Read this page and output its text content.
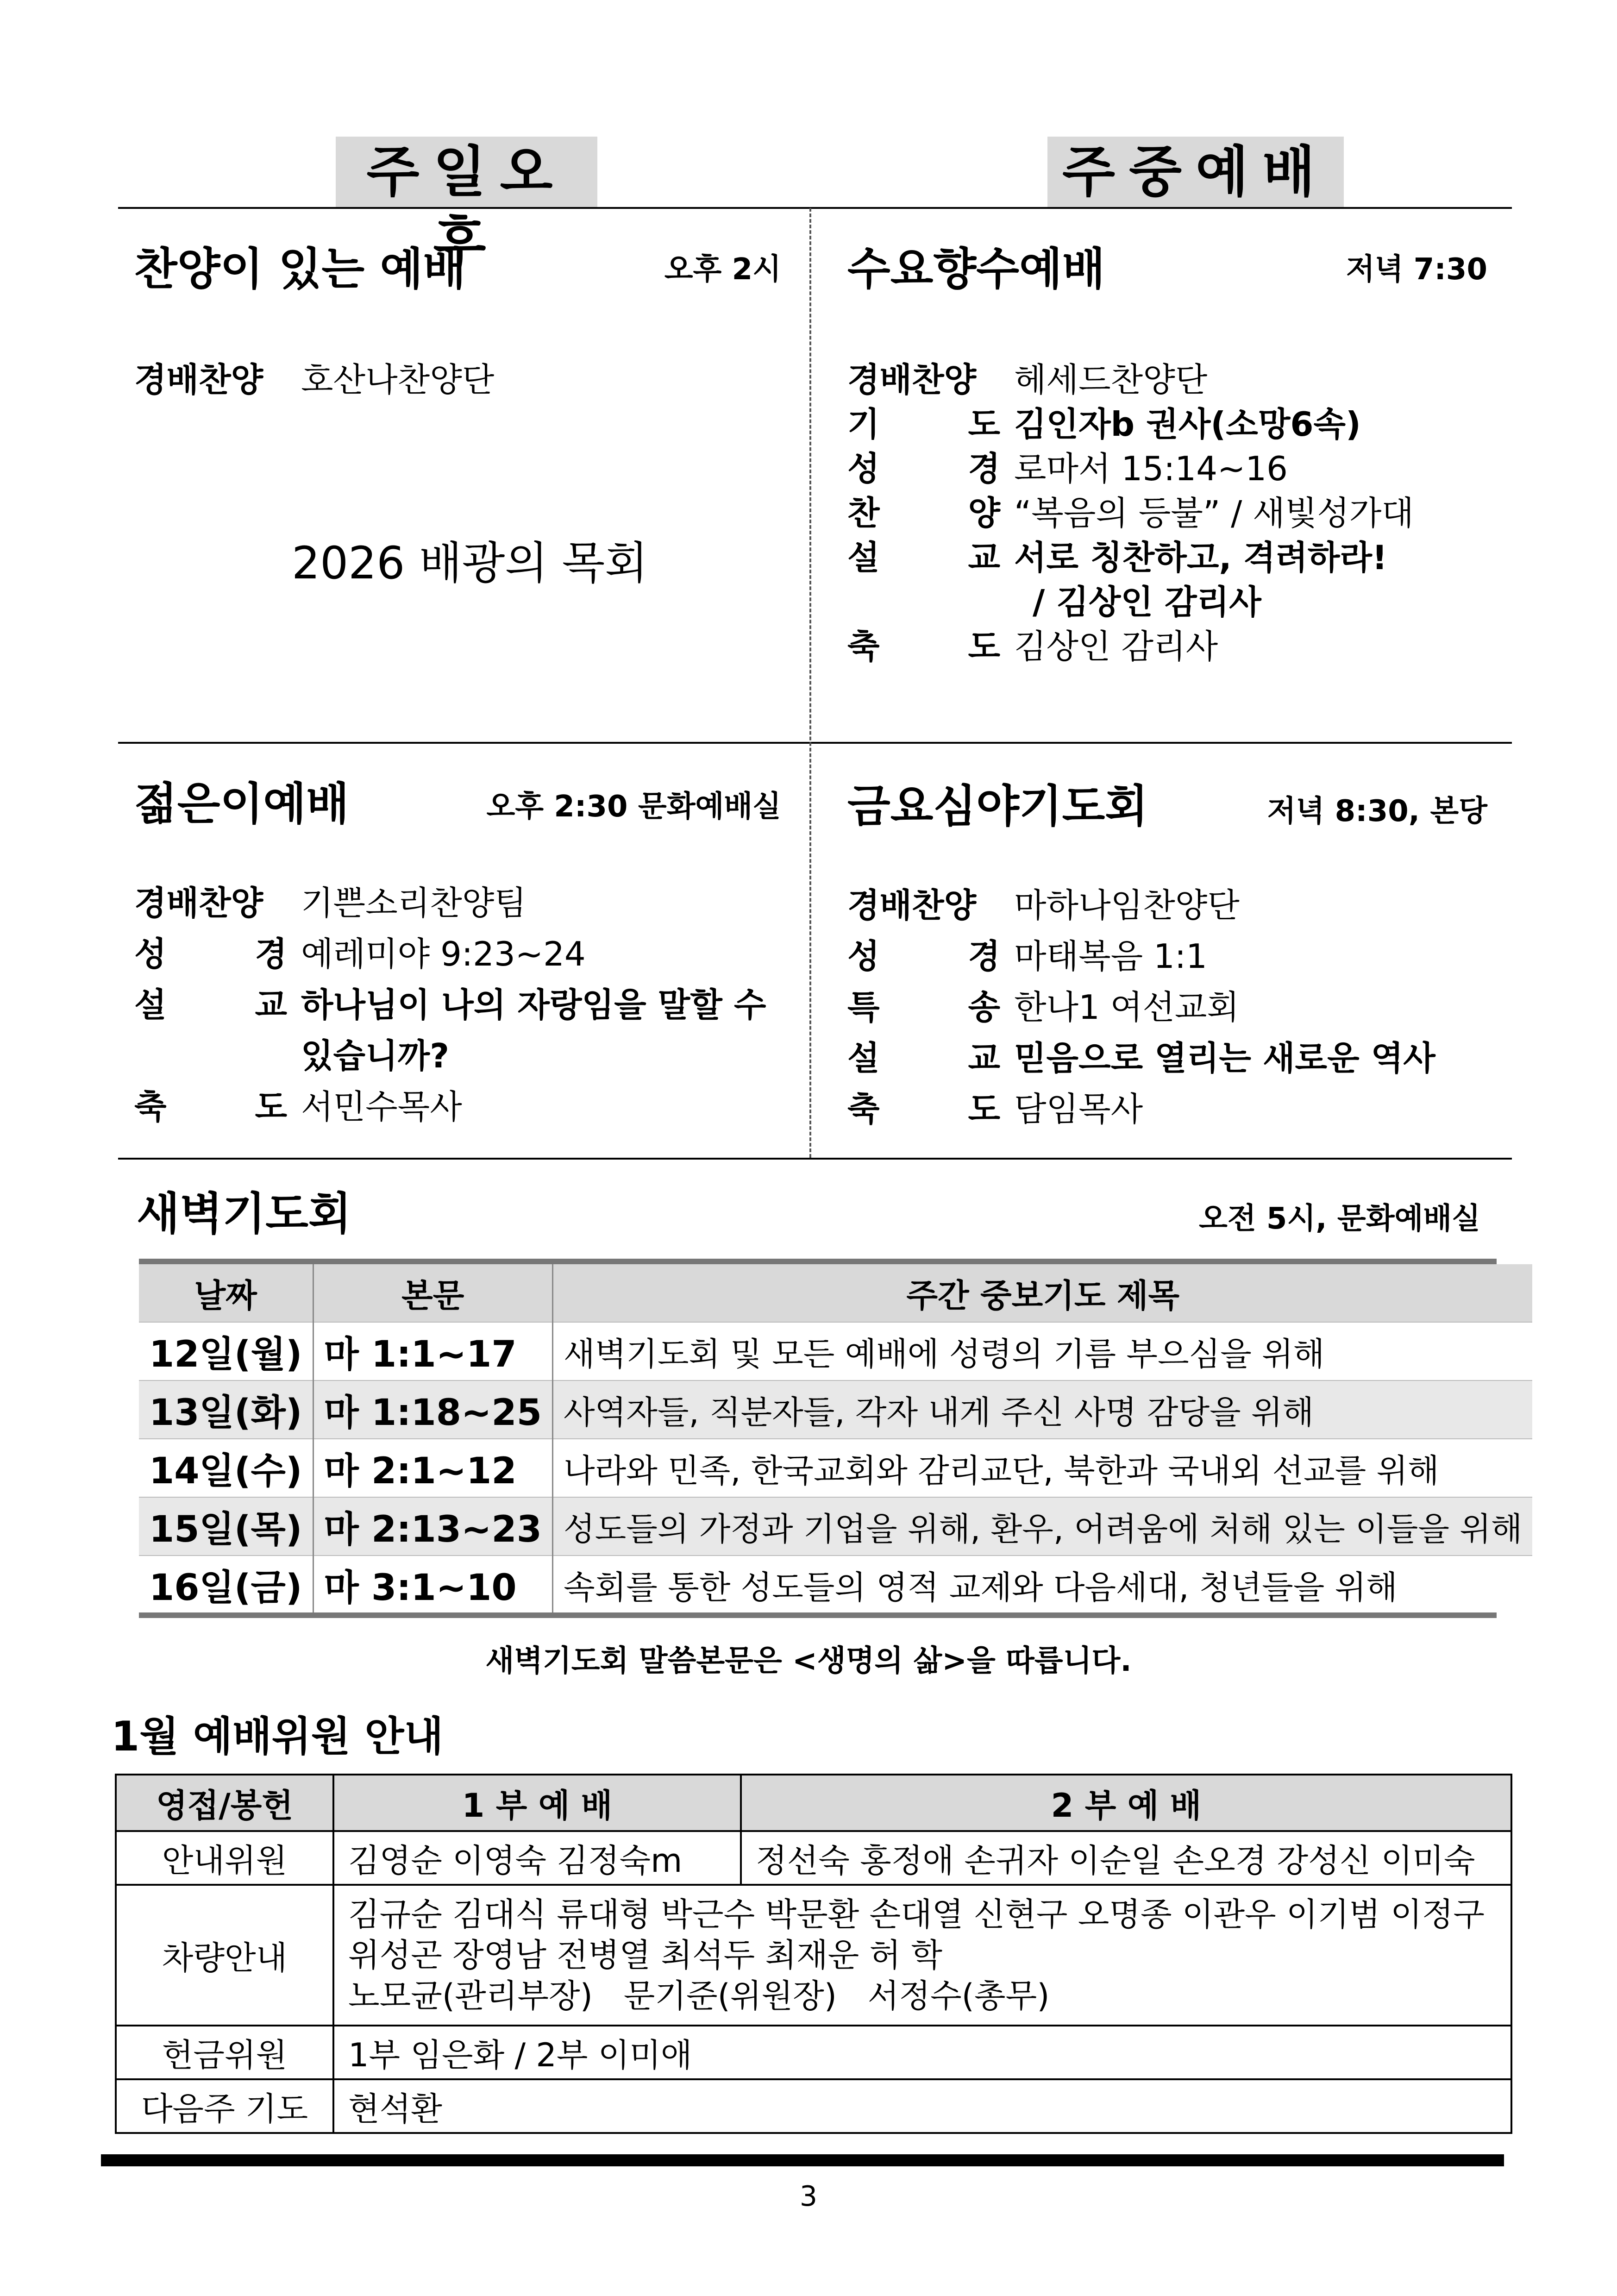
주일오후
주중예배
찬양이 있는 예배	오후 2시
경배찬양	호산나찬양단
2026 배광의 목회
수요향수예배	저녁 7:30
경배찬양	헤세드찬양단
기	도 김인자b 권사(소망6속)
성	경 로마서 15:14~16
찬	양 “복음의 등불” / 새빛성가대
설	교 서로 칭찬하고, 격려하라!
/ 김상인 감리사
축	도 김상인 감리사
젊은이예배	오후 2:30 문화예배실
경배찬양	기쁜소리찬양팀
성	경 예레미야 9:23~24
설	교 하나님이 나의 자랑임을 말할 수
있습니까?
축	도 서민수목사
금요심야기도회	저녁 8:30, 본당
경배찬양	마하나임찬양단
성	경 마태복음 1:1
특	송 한나1 여선교회
설	교 믿음으로 열리는 새로운 역사
축	도 담임목사
새벽기도회	오전 5시, 문화예배실
날짜	본문	주간 중보기도 제목
12일(월)	마 1:1~17	새벽기도회 및 모든 예배에 성령의 기름 부으심을 위해
13일(화)	마 1:18~25	사역자들, 직분자들, 각자 내게 주신 사명 감당을 위해
14일(수)	마 2:1~12	나라와 민족, 한국교회와 감리교단, 북한과 국내외 선교를 위해
15일(목)	마 2:13~23	성도들의 가정과 기업을 위해, 환우, 어려움에 처해 있는 이들을 위해
16일(금)	마 3:1~10	속회를 통한 성도들의 영적 교제와 다음세대, 청년들을 위해
새벽기도회 말씀본문은 <생명의 삶>을 따릅니다.
1월 예배위원 안내
영접/봉헌	1 부 예 배	2 부 예 배
안내위원	김영순 이영숙 김정숙m	정선숙 홍정애 손귀자 이순일 손오경 강성신 이미숙
차량안내	김규순 김대식 류대형 박근수 박문환 손대열 신현구 오명종 이관우 이기범 이정구
위성곤 장영남 전병열 최석두 최재운 허 학
노모균(관리부장)   문기준(위원장)   서정수(총무)	

헌금위원	1부 임은화 / 2부 이미애	
다음주 기도	현석환	
3
